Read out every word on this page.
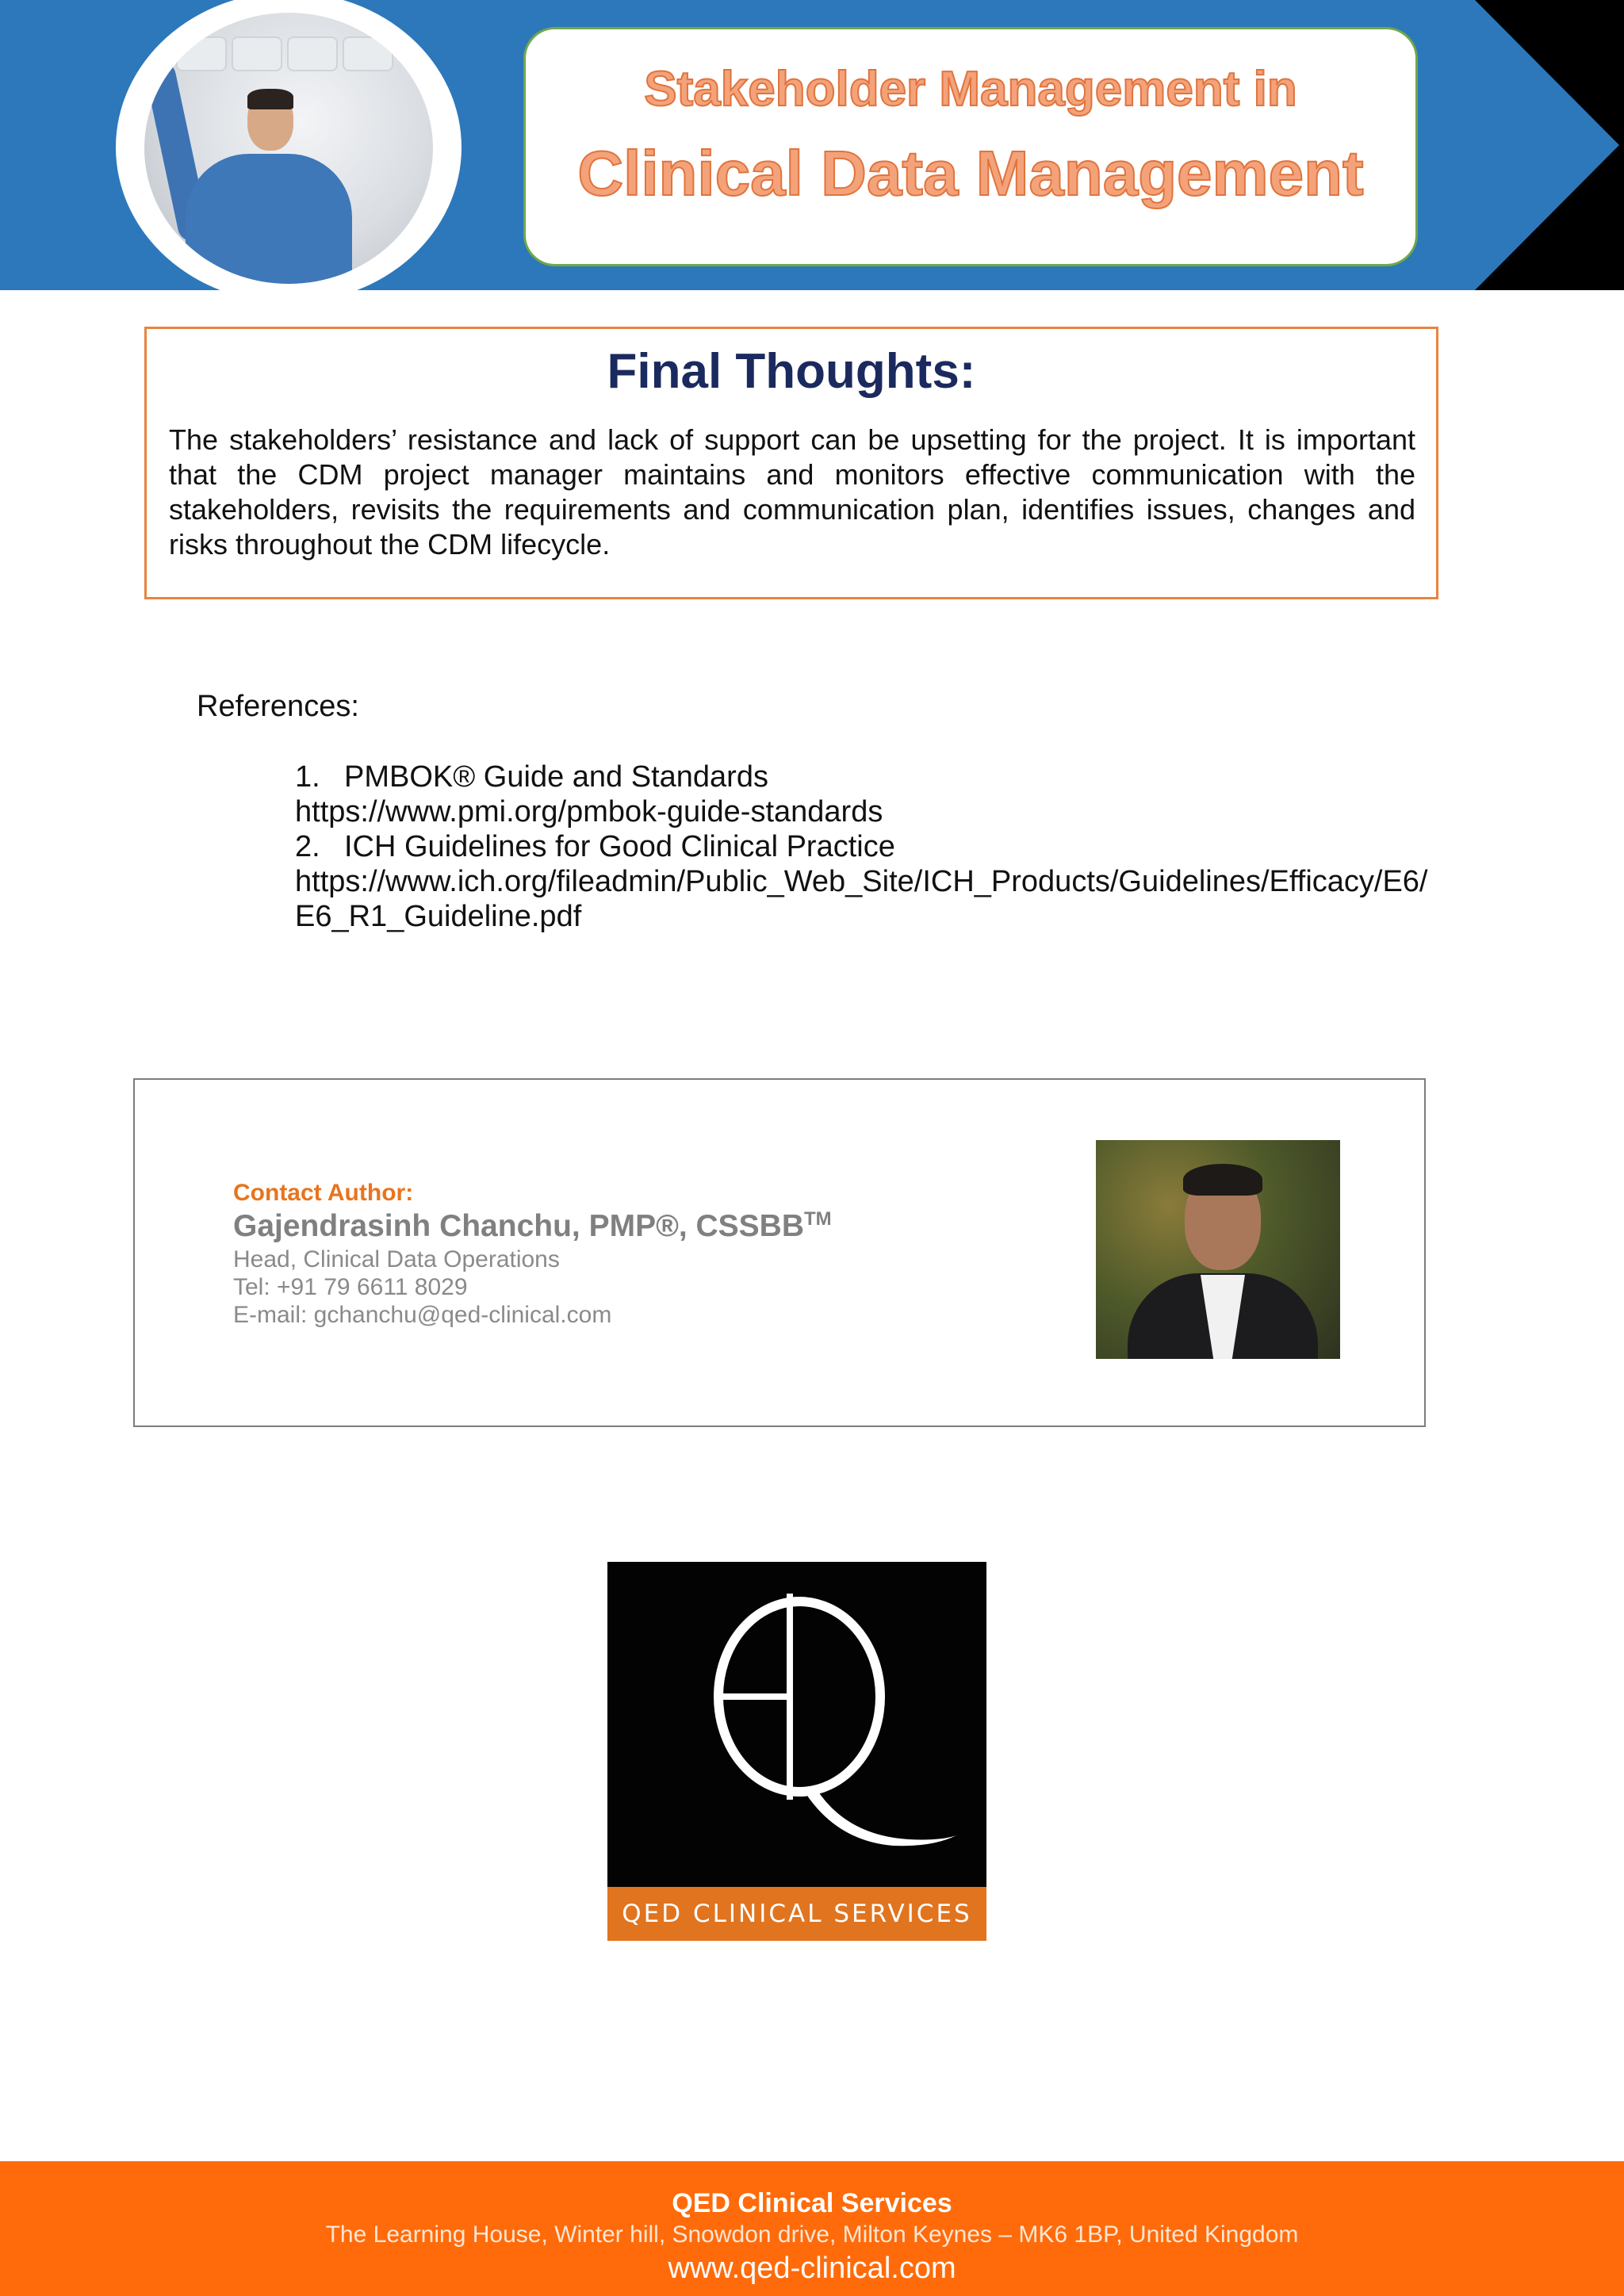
Stakeholder Management in
Clinical Data Management
Final Thoughts:

The stakeholders’ resistance and lack of support can be upsetting for the project. It is important that the CDM project manager maintains and monitors effective communication with the stakeholders, revisits the requirements and communication plan, identifies issues, changes and risks throughout the CDM lifecycle.

References:
1. PMBOK® Guide and Standards
https://www.pmi.org/pmbok-guide-standards
2. ICH Guidelines for Good Clinical Practice
https://www.ich.org/fileadmin/Public_Web_Site/ICH_Products/Guidelines/Efficacy/E6/E6_R1_Guideline.pdf
Contact Author:
Gajendrasinh Chanchu, PMP®, CSSBB™
Head, Clinical Data Operations
Tel: +91 79 6611 8029
E-mail: gchanchu@qed-clinical.com
QED CLINICAL SERVICES
QED Clinical Services
The Learning House, Winter hill, Snowdon drive, Milton Keynes – MK6 1BP, United Kingdom
www.qed-clinical.com
